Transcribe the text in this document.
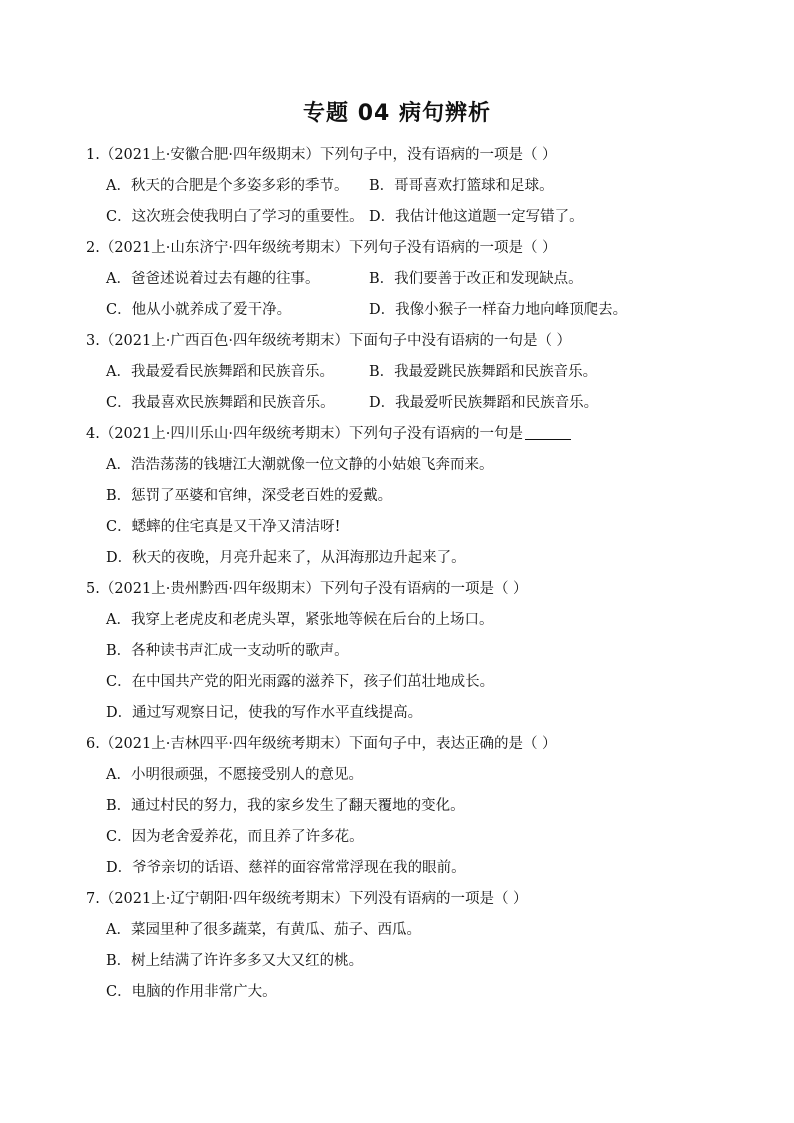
专题 04 病句辨析
1.（2021上·安徽合肥·四年级期末）下列句子中，没有语病的一项是（ ）
A．秋天的合肥是个多姿多彩的季节。	B．哥哥喜欢打篮球和足球。
C．这次班会使我明白了学习的重要性。 D．我估计他这道题一定写错了。
2.（2021上·山东济宁·四年级统考期末）下列句子没有语病的一项是（ ）
A．爸爸述说着过去有趣的往事。	B．我们要善于改正和发现缺点。
C．他从小就养成了爱干净。	D．我像小猴子一样奋力地向峰顶爬去。
3.（2021上·广西百色·四年级统考期末）下面句子中没有语病的一句是（ ）
A．我最爱看民族舞蹈和民族音乐。	B．我最爱跳民族舞蹈和民族音乐。
C．我最喜欢民族舞蹈和民族音乐。	D．我最爱听民族舞蹈和民族音乐。
4.（2021上·四川乐山·四年级统考期末）下列句子没有语病的一句是
A．浩浩荡荡的钱塘江大潮就像一位文静的小姑娘飞奔而来。
B．惩罚了巫婆和官绅，深受老百姓的爱戴。
C．蟋蟀的住宅真是又干净又清洁呀!
D．秋天的夜晚，月亮升起来了，从洱海那边升起来了。
5.（2021上·贵州黔西·四年级期末）下列句子没有语病的一项是（ ）
A．我穿上老虎皮和老虎头罩，紧张地等候在后台的上场口。
B．各种读书声汇成一支动听的歌声。
C．在中国共产党的阳光雨露的滋养下，孩子们茁壮地成长。
D．通过写观察日记，使我的写作水平直线提高。
6.（2021上·吉林四平·四年级统考期末）下面句子中，表达正确的是（ ）
A．小明很顽强，不愿接受别人的意见。
B．通过村民的努力，我的家乡发生了翻天覆地的变化。
C．因为老舍爱养花，而且养了许多花。
D．爷爷亲切的话语、慈祥的面容常常浮现在我的眼前。
7.（2021上·辽宁朝阳·四年级统考期末）下列没有语病的一项是（ ）
A．菜园里种了很多蔬菜，有黄瓜、茄子、西瓜。
B．树上结满了许许多多又大又红的桃。
C．电脑的作用非常广大。
